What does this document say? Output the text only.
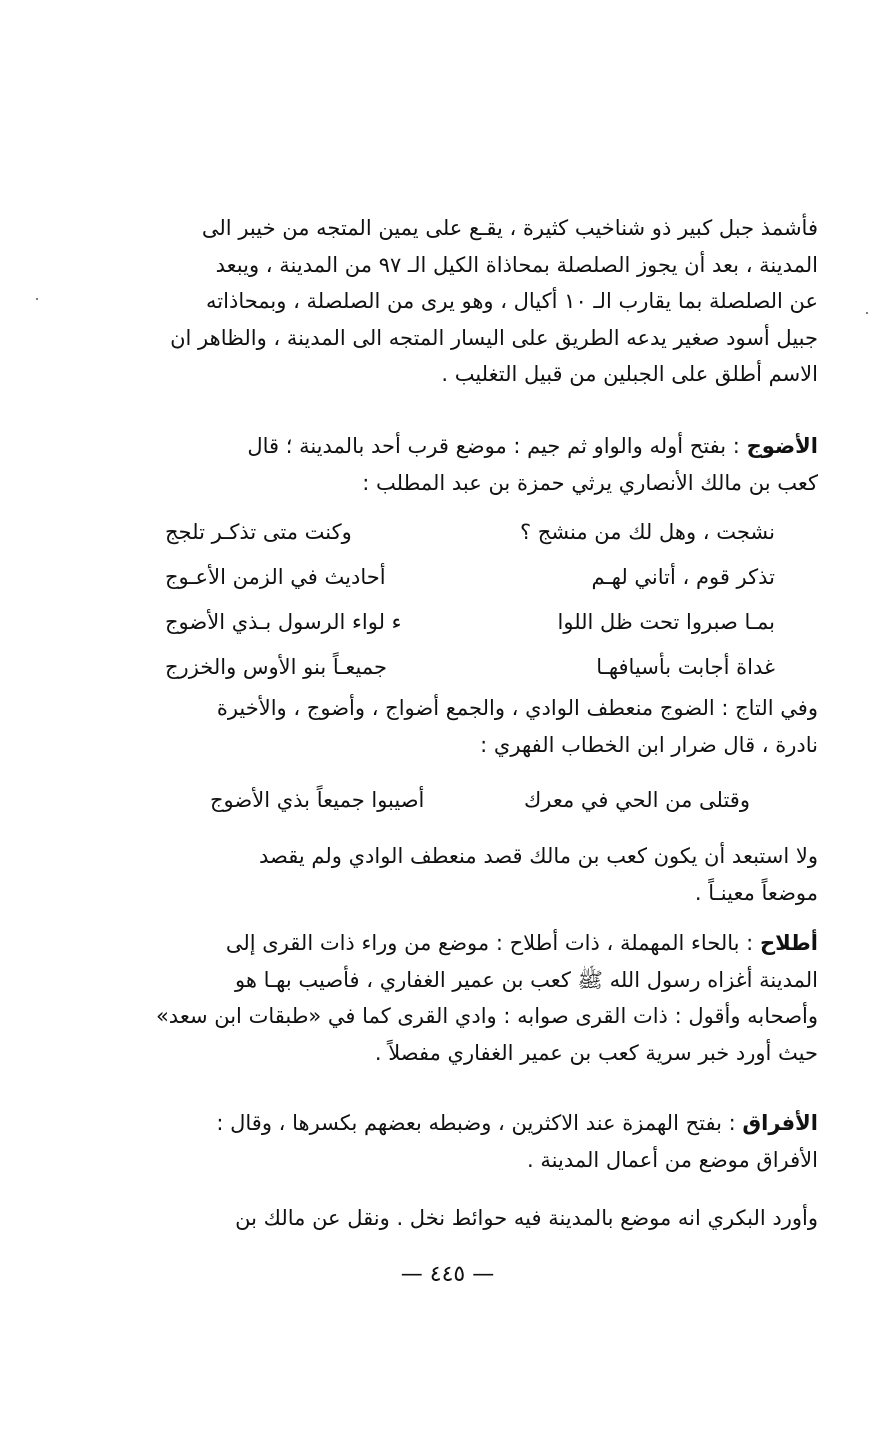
فأشمذ جبل كبير ذو شناخيب كثيرة ، يقـع على يمين المتجه من خيبر الى
المدينة ، بعد أن يجوز الصلصلة بمحاذاة الكيل الـ ٩٧ من المدينة ، ويبعد
عن الصلصلة بما يقارب الـ ١٠ أكيال ، وهو يرى من الصلصلة ، وبمحاذاته
جبيل أسود صغير يدعه الطريق على اليسار المتجه الى المدينة ، والظاهر ان
الاسم أطلق على الجبلين من قبيل التغليب .
الأضوج : بفتح أوله والواو ثم جيم : موضع قرب أحد بالمدينة ؛ قال
كعب بن مالك الأنصاري يرثي حمزة بن عبد المطلب :
نشجت ، وهل لك من منشج ؟
وكنت متى تذكـر تلجج
تذكر قوم ، أتاني لهـم
أحاديث في الزمن الأعـوج
بمـا صبروا تحت ظل اللوا
ء لواء الرسول بـذي الأضوج
غداة أجابت بأسيافهـا
جميعـاً بنو الأوس والخزرج
وفي التاج : الضوج منعطف الوادي ، والجمع أضواج ، وأضوج ، والأخيرة
نادرة ، قال ضرار ابن الخطاب الفهري :
وقتلى من الحي في معرك
أصيبوا جميعاً بذي الأضوج
ولا استبعد أن يكون كعب بن مالك قصد منعطف الوادي ولم يقصد
موضعاً معينـاً .
أطلاح : بالحاء المهملة ، ذات أطلاح : موضع من وراء ذات القرى إلى
المدينة أغزاه رسول الله ﷺ كعب بن عمير الغفاري ، فأصيب بهـا هو
وأصحابه وأقول : ذات القرى صوابه : وادي القرى كما في «طبقات ابن سعد»
حيث أورد خبر سرية كعب بن عمير الغفاري مفصلاً .
الأفراق : بفتح الهمزة عند الاكثرين ، وضبطه بعضهم بكسرها ، وقال :
الأفراق موضع من أعمال المدينة .
وأورد البكري انه موضع بالمدينة فيه حوائط نخل . ونقل عن مالك بن
— ٤٤٥ —
